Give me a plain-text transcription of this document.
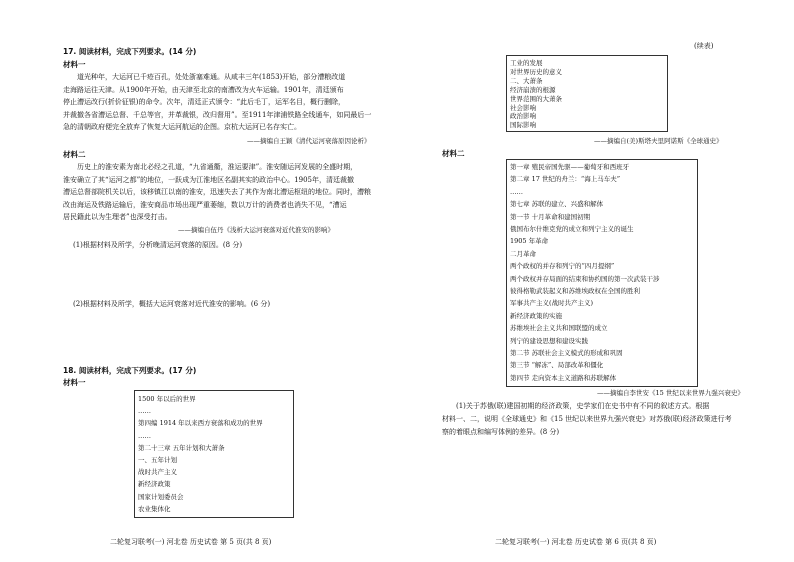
17. 阅读材料，完成下列要求。(14 分)
材料一
道光种年，大运河已千疮百孔，处处浙塞难通。从咸丰三年(1853)开始，部分漕粮改道
走海路运往天津。从1900年开始，由天津至北京的南漕改为火车运输。1901年，清廷颁布
停止漕运改行(折价征银)的命令。次年，清廷正式颁令：“此后毛丁，运军名目，概行删除，
并裁撤各省漕运总督、千总等官，并革裁银，改归督用”。至1911年津浦铁路全线通车，如同最后一
急的清朝政府便完全放弃了恢复大运河航运的企图。京杭大运河已名存实亡。
——摘编自王颖《清代运河衰落原因论析》
材料二
历史上的淮安素为南北必经之孔道，“九省通衢，淮运要津”。淮安随运河发展的全盛时期，
淮安确立了其“运河之都”的地位，一跃成为江淮地区名副其实的政治中心。1905年，清廷裁撤
漕运总督部院机关以后，该移镇江以南的淮安，迅速失去了其作为南北漕运枢纽的地位。同时，漕粮
改由海运及铁路运输后，淮安商品市场出现严重萎缩，数以万计的消费者也消失不见，“漕运
居民籍此以为生理者”也深受打击。
——摘编自伍丹《浅析大运河衰落对近代淮安的影响》
(1)根据材料及所学，分析晚清运河衰落的原因。(8 分)
(2)根据材料及所学，概括大运河衰落对近代淮安的影响。(6 分)
18. 阅读材料，完成下列要求。(17 分)
材料一
1500 年以后的世界
……
第四编 1914 年以来西方衰落和成功的世界
……
第二十三章 五年计划和大萧条
一、五年计划
战时共产主义
新经济政策
国家计划委员会
农业集体化
二轮复习联考(一) 河北卷 历史试卷 第 5 页(共 8 页)
(续表)
工业的发展
对世界历史的意义
二、大萧条
经济崩溃的根源
世界范围的大萧条
社会影响
政治影响
国际影响
——摘编自(美)斯塔夫里阿诺斯《全球通史》
材料二
第一章 殖民帝国先驱——葡萄牙和西班牙
第二章 17 世纪的舟兰：“海上马车夫”
……
第七章 苏联的建立、兴盛和解体
第一节 十月革命和建国初期
俄国布尔什维克党的成立和列宁主义的诞生
1905 年革命
二月革命
两个政权的并存和列宁的“四月提纲”
两个政权并存局面的结束和协约国的第一次武装干涉
彼得格勒武装起义和苏维埃政权在全国的胜利
军事共产主义(战时共产主义)
新经济政策的实施
苏维埃社会主义共和国联盟的成立
列宁的建设思想和建设实践
第二节 苏联社会主义模式的形成和巩固
第三节 “解冻”、局部改革和僵化
第四节 走向资本主义道路和苏联解体
——摘编自李世安《15 世纪以来世界九强兴衰史》
(1)关于苏俄(联)建国初期的经济政策，史学家们在史书中有不同的叙述方式。根据
材料一、二，说明《全球通史》和《15 世纪以来世界九强兴衰史》对苏俄(联)经济政策进行考
察的着眼点和编写体例的差异。(8 分)
二轮复习联考(一) 河北卷 历史试卷 第 6 页(共 8 页)
